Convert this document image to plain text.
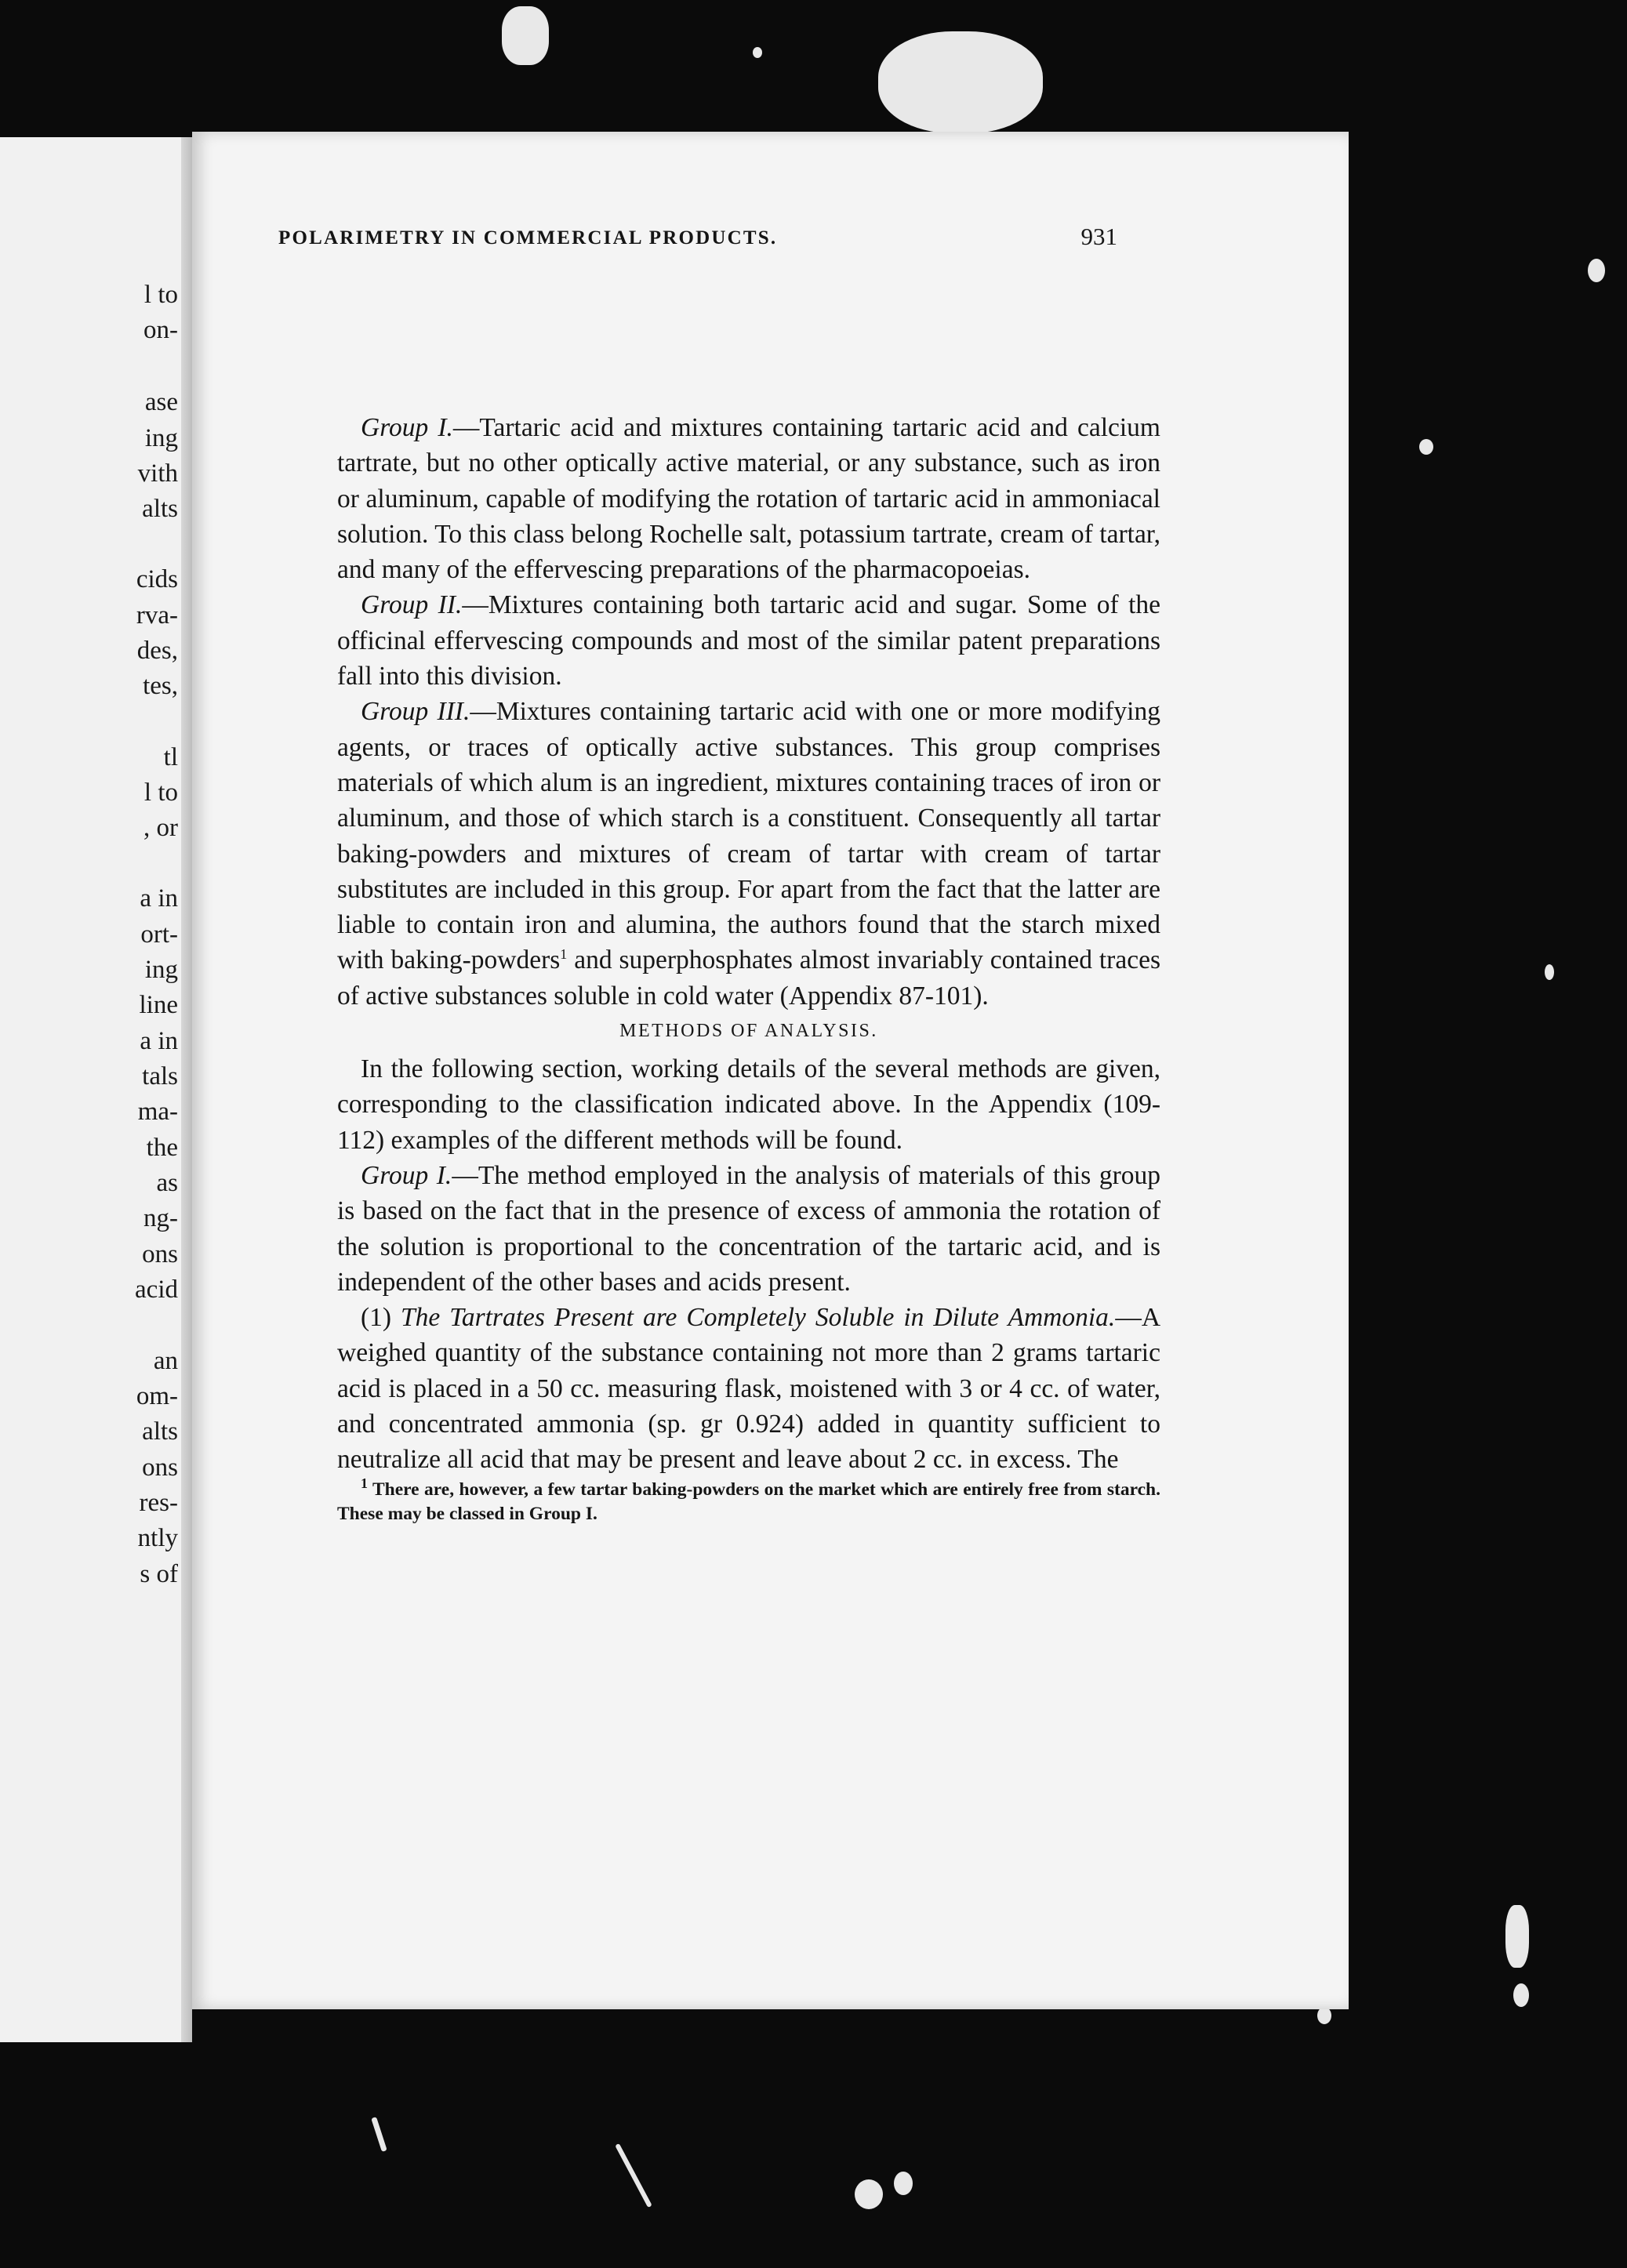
l to
on-
ase
ing
vith
alts
cids
rva-
des,
tes,
tl
l to
, or
a in
ort-
ing
line
a in
tals
ma-
the
as
ng-
ons
acid
an
om-
alts
ons
res-
ntly
s of
POLARIMETRY IN COMMERCIAL PRODUCTS.	931

Group I.—Tartaric acid and mixtures containing tartaric acid and calcium tartrate, but no other optically active material, or any substance, such as iron or aluminum, capable of modifying the rotation of tartaric acid in ammoniacal solution. To this class belong Rochelle salt, potassium tartrate, cream of tartar, and many of the effervescing preparations of the pharmacopoeias.

Group II.—Mixtures containing both tartaric acid and sugar. Some of the officinal effervescing compounds and most of the similar patent preparations fall into this division.

Group III.—Mixtures containing tartaric acid with one or more modifying agents, or traces of optically active substances. This group comprises materials of which alum is an ingredient, mixtures containing traces of iron or aluminum, and those of which starch is a constituent. Consequently all tartar baking-powders and mixtures of cream of tartar with cream of tartar substitutes are included in this group. For apart from the fact that the latter are liable to contain iron and alumina, the authors found that the starch mixed with baking-powders$^1$ and superphosphates almost invariably contained traces of active substances soluble in cold water (Appendix 87-101).

METHODS OF ANALYSIS.

In the following section, working details of the several methods are given, corresponding to the classification indicated above. In the Appendix (109-112) examples of the different methods will be found.

Group I.—The method employed in the analysis of materials of this group is based on the fact that in the presence of excess of ammonia the rotation of the solution is proportional to the concentration of the tartaric acid, and is independent of the other bases and acids present.

(1) The Tartrates Present are Completely Soluble in Dilute Ammonia.—A weighed quantity of the substance containing not more than 2 grams tartaric acid is placed in a 50 cc. measuring flask, moistened with 3 or 4 cc. of water, and concentrated ammonia (sp. gr 0.924) added in quantity sufficient to neutralize all acid that may be present and leave about 2 cc. in excess. The

$^1$ There are, however, a few tartar baking-powders on the market which are entirely free from starch. These may be classed in Group I.
